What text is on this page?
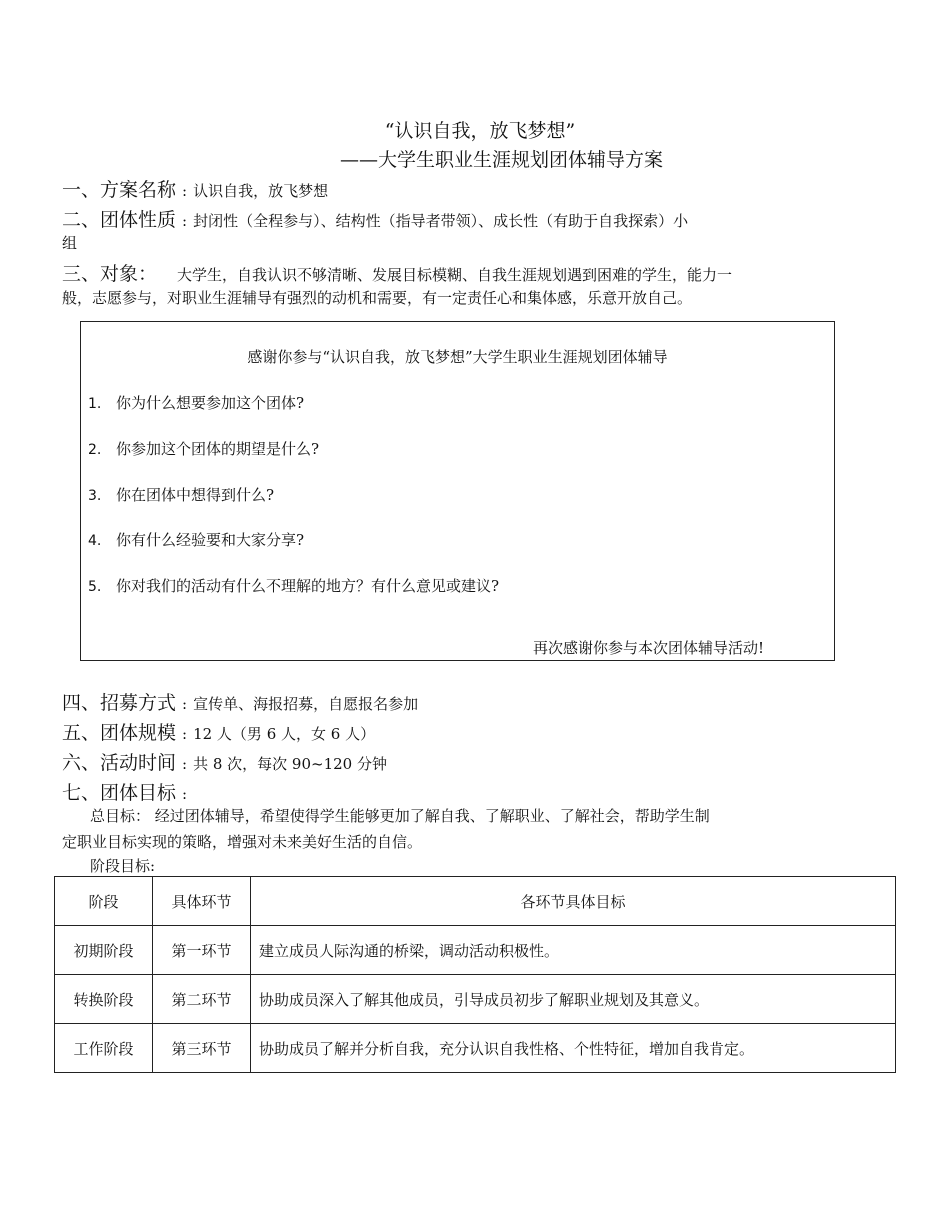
“认识自我，放飞梦想”
——大学生职业生涯规划团体辅导方案
一、方案名称 : 认识自我，放飞梦想
二、团体性质 : 封闭性（全程参与）、结构性（指导者带领）、成长性（有助于自我探索）小
组
三、对象： 大学生，自我认识不够清晰、发展目标模糊、自我生涯规划遇到困难的学生，能力一
般，志愿参与，对职业生涯辅导有强烈的动机和需要，有一定责任心和集体感，乐意开放自己。
感谢你参与“认识自我，放飞梦想”大学生职业生涯规划团体辅导
1. 你为什么想要参加这个团体?
2. 你参加这个团体的期望是什么?
3. 你在团体中想得到什么?
4. 你有什么经验要和大家分享?
5. 你对我们的活动有什么不理解的地方？有什么意见或建议?
再次感谢你参与本次团体辅导活动!
四、招募方式 : 宣传单、海报招募，自愿报名参加
五、团体规模 : 12 人（男 6 人，女 6 人）
六、活动时间 : 共 8 次，每次 90~120 分钟
七、团体目标 :
总目标： 经过团体辅导，希望使得学生能够更加了解自我、了解职业、了解社会，帮助学生制
定职业目标实现的策略，增强对未来美好生活的自信。
阶段目标:
阶段	具体环节	各环节具体目标
初期阶段	第一环节	建立成员人际沟通的桥梁，调动活动积极性。
转换阶段	第二环节	协助成员深入了解其他成员，引导成员初步了解职业规划及其意义。
工作阶段	第三环节	协助成员了解并分析自我，充分认识自我性格、个性特征，增加自我肯定。
